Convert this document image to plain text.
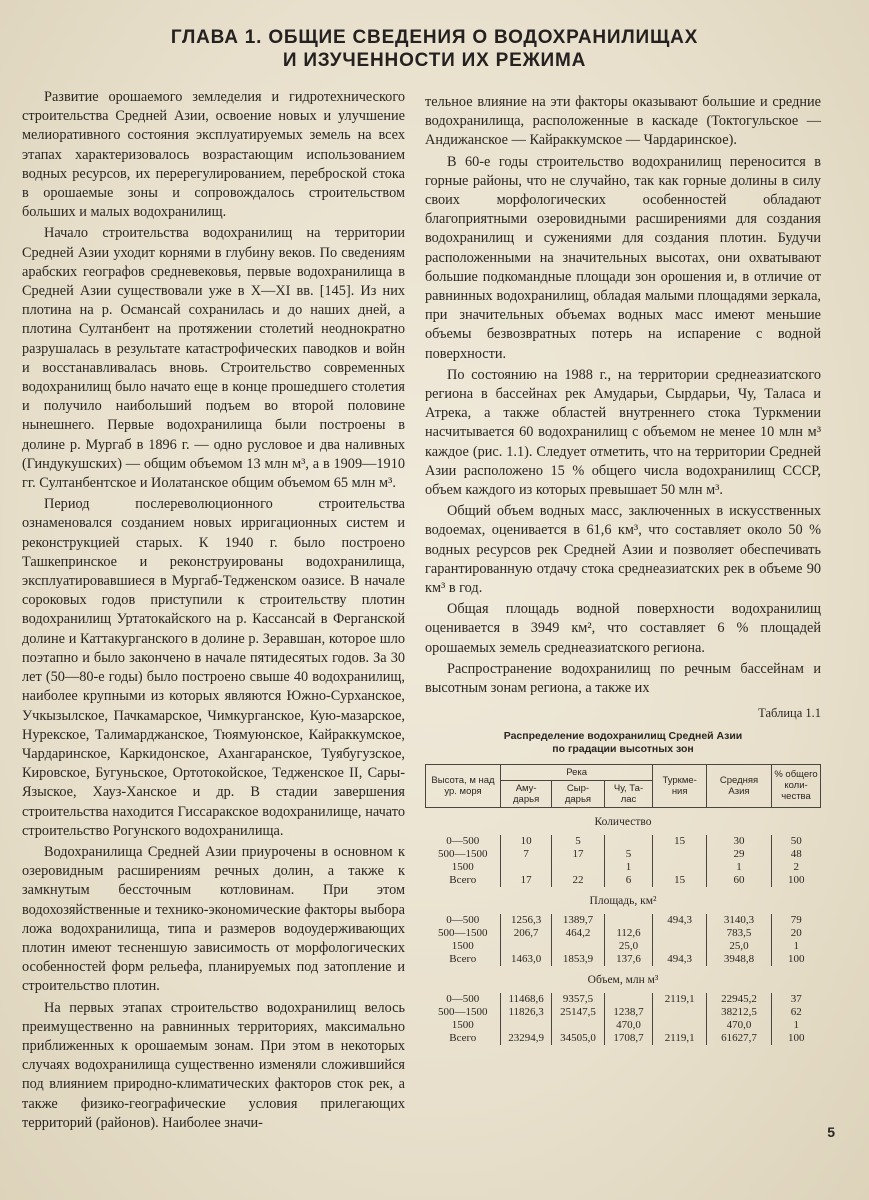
ГЛАВА 1. ОБЩИЕ СВЕДЕНИЯ О ВОДОХРАНИЛИЩАХ
И ИЗУЧЕННОСТИ ИХ РЕЖИМА

Развитие орошаемого земледелия и гидротехнического строительства Средней Азии, освоение новых и улучшение мелиоративного состояния эксплуатируемых земель на всех этапах характеризовалось возрастающим использованием водных ресурсов, их перерегулированием, переброской стока в орошаемые зоны и сопровождалось строительством больших и малых водохранилищ.

Начало строительства водохранилищ на территории Средней Азии уходит корнями в глубину веков. По сведениям арабских географов средневековья, первые водохранилища в Средней Азии существовали уже в X—XI вв. [145]. Из них плотина на р. Османсай сохранилась и до наших дней, а плотина Султанбент на протяжении столетий неоднократно разрушалась в результате катастрофических паводков и войн и восстанавливалась вновь. Строительство современных водохранилищ было начато еще в конце прошедшего столетия и получило наибольший подъем во второй половине нынешнего. Первые водохранилища были построены в долине р. Мургаб в 1896 г. — одно русловое и два наливных (Гиндукушских) — общим объемом 13 млн м³, а в 1909—1910 гг. Султанбентское и Иолатанское общим объемом 65 млн м³.

Период послереволюционного строительства ознаменовался созданием новых ирригационных систем и реконструкцией старых. К 1940 г. было построено Ташкепринское и реконструированы водохранилища, эксплуатировавшиеся в Мургаб-Тедженском оазисе. В начале сороковых годов приступили к строительству плотин водохранилищ Уртатокайского на р. Кассансай в Ферганской долине и Каттакурганского в долине р. Зеравшан, которое шло поэтапно и было закончено в начале пятидесятых годов. За 30 лет (50—80-е годы) было построено свыше 40 водохранилищ, наиболее крупными из которых являются Южно-Сурханское, Учкызылское, Пачкамарское, Чимкурганское, Кую-мазарское, Нурекское, Талимарджанское, Тюямуюнское, Кайраккумское, Чардаринское, Каркидонское, Ахангаранское, Туябугузское, Кировское, Бугуньское, Ортотокойское, Тедженское II, Сары-Языское, Хауз-Ханское и др. В стадии завершения строительства находится Гиссаракское водохранилище, начато строительство Рогунского водохранилища.

Водохранилища Средней Азии приурочены в основном к озеровидным расширениям речных долин, а также к замкнутым бессточным котловинам. При этом водохозяйственные и технико-экономические факторы выбора ложа водохранилища, типа и размеров водоудерживающих плотин имеют тесненшую зависимость от морфологических особенностей форм рельефа, планируемых под затопление и строительство плотин.

На первых этапах строительство водохранилищ велось преимущественно на равнинных территориях, максимально приближенных к орошаемым зонам. При этом в некоторых случаях водохранилища существенно изменяли сложившийся под влиянием природно-климатических факторов сток рек, а также физико-географические условия прилегающих территорий (районов). Наиболее значи-

тельное влияние на эти факторы оказывают большие и средние водохранилища, расположенные в каскаде (Токтогульское — Андижанское — Кайраккумское — Чардаринское).

В 60-е годы строительство водохранилищ переносится в горные районы, что не случайно, так как горные долины в силу своих морфологических особенностей обладают благоприятными озеровидными расширениями для создания водохранилищ и сужениями для создания плотин. Будучи расположенными на значительных высотах, они охватывают большие подкомандные площади зон орошения и, в отличие от равнинных водохранилищ, обладая малыми площадями зеркала, при значительных объемах водных масс имеют меньшие объемы безвозвратных потерь на испарение с водной поверхности.

По состоянию на 1988 г., на территории среднеазиатского региона в бассейнах рек Амударьи, Сырдарьи, Чу, Таласа и Атрека, а также областей внутреннего стока Туркмении насчитывается 60 водохранилищ с объемом не менее 10 млн м³ каждое (рис. 1.1). Следует отметить, что на территории Средней Азии расположено 15 % общего числа водохранилищ СССР, объем каждого из которых превышает 50 млн м³.

Общий объем водных масс, заключенных в искусственных водоемах, оценивается в 61,6 км³, что составляет около 50 % водных ресурсов рек Средней Азии и позволяет обеспечивать гарантированную отдачу стока среднеазиатских рек в объеме 90 км³ в год.

Общая площадь водной поверхности водохранилищ оценивается в 3949 км², что составляет 6 % площадей орошаемых земель среднеазиатского региона.

Распространение водохранилищ по речным бассейнам и высотным зонам региона, а также их

Таблица 1.1
Распределение водохранилищ Средней Азии
по градации высотных зон
Высота, м над ур. моря	Река			Туркме-ния	Средняя Азия	% общего коли-чества
	Аму-дарья	Сыр-дарья	Чу, Та-лас			
Количество						
0—500	10	5		15	30	50
500—1500	7	17	5		29	48
1500			1		1	2
Всего	17	22	6	15	60	100
Площадь, км²						
0—500	1256,3	1389,7		494,3	3140,3	79
500—1500	206,7	464,2	112,6		783,5	20
1500			25,0		25,0	1
Всего	1463,0	1853,9	137,6	494,3	3948,8	100
Объем, млн м³						
0—500	11468,6	9357,5		2119,1	22945,2	37
500—1500	11826,3	25147,5	1238,7		38212,5	62
1500			470,0		470,0	1
Всего	23294,9	34505,0	1708,7	2119,1	61627,7	100
5
